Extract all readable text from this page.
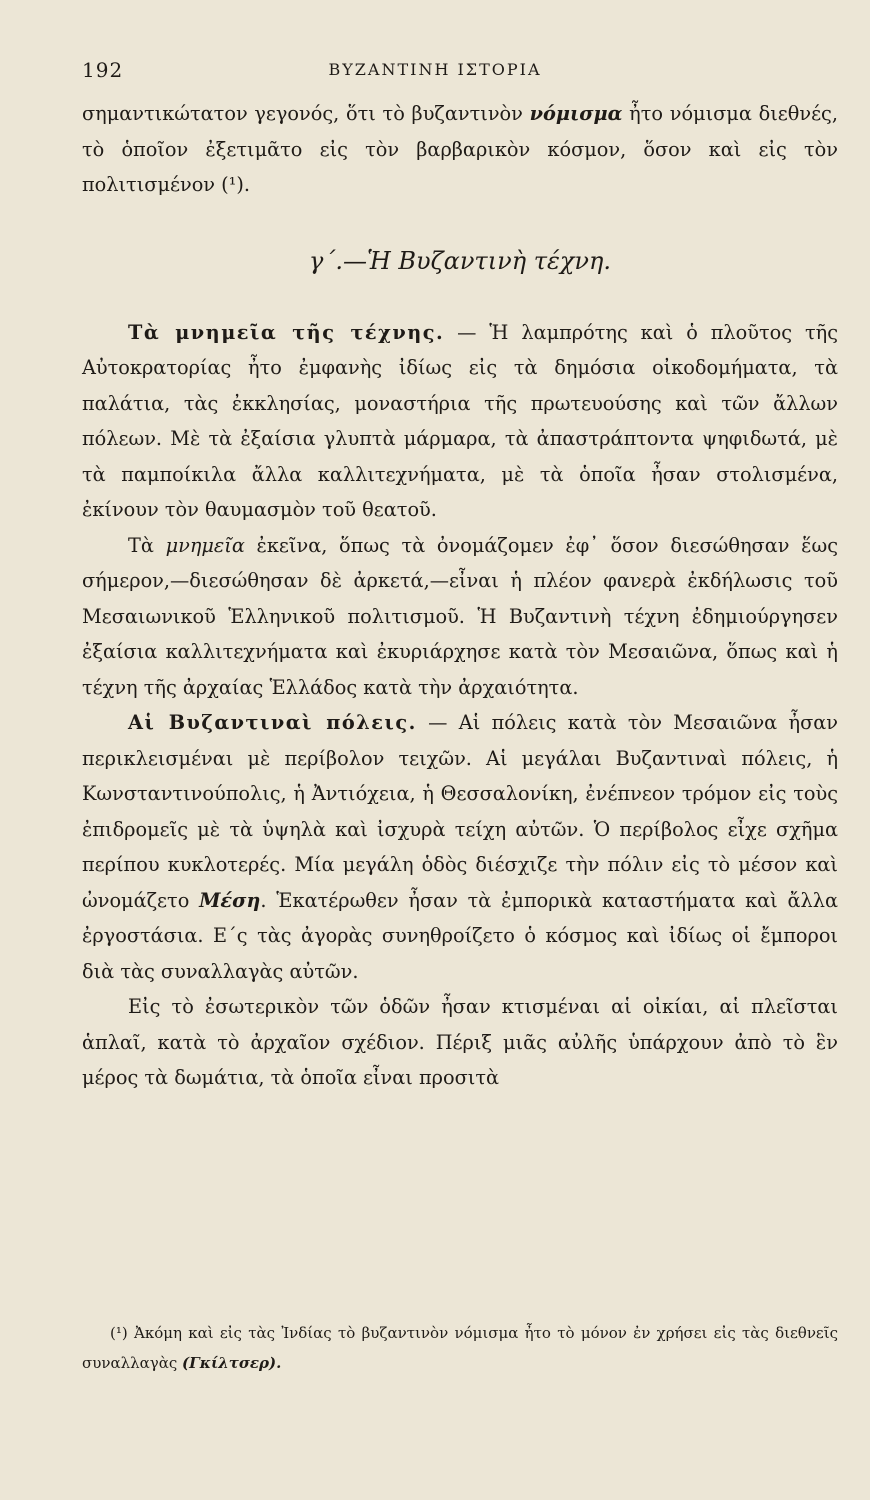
192	ΒΥΖΑΝΤΙΝΗ ΙΣΤΟΡΙΑ

σημαντικώτατον γεγονός, ὅτι τὸ βυζαντινὸν νόμισμα ἦτο νόμισμα διεθνές, τὸ ὁποῖον ἐξετιμᾶτο εἰς τὸν βαρβαρικὸν κόσμον, ὅσον καὶ εἰς τὸν πολιτισμένον (¹).

γ΄.—Ἡ Βυζαντινὴ τέχνη.

Τὰ μνημεῖα τῆς τέχνης. — Ἡ λαμπρότης καὶ ὁ πλοῦτος τῆς Αὐτοκρατορίας ἦτο ἐμφανὴς ἰδίως εἰς τὰ δημόσια οἰκοδομήματα, τὰ παλάτια, τὰς ἐκκλησίας, μοναστήρια τῆς πρωτευούσης καὶ τῶν ἄλλων πόλεων. Μὲ τὰ ἐξαίσια γλυπτὰ μάρμαρα, τὰ ἀπαστράπτοντα ψηφιδωτά, μὲ τὰ παμποίκιλα ἄλλα καλλιτεχνήματα, μὲ τὰ ὁποῖα ἦσαν στολισμένα, ἐκίνουν τὸν θαυμασμὸν τοῦ θεατοῦ.

Τὰ μνημεῖα ἐκεῖνα, ὅπως τὰ ὀνομάζομεν ἐφ᾿ ὅσον διεσώθησαν ἕως σήμερον,—διεσώθησαν δὲ ἀρκετά,—εἶναι ἡ πλέον φανερὰ ἐκδήλωσις τοῦ Μεσαιωνικοῦ Ἑλληνικοῦ πολιτισμοῦ. Ἡ Βυζαντινὴ τέχνη ἐδημιούργησεν ἐξαίσια καλλιτεχνήματα καὶ ἐκυριάρχησε κατὰ τὸν Μεσαιῶνα, ὅπως καὶ ἡ τέχνη τῆς ἀρχαίας Ἑλλάδος κατὰ τὴν ἀρχαιότητα.

Αἱ Βυζαντιναὶ πόλεις. — Αἱ πόλεις κατὰ τὸν Μεσαιῶνα ἦσαν περικλεισμέναι μὲ περίβολον τειχῶν. Αἱ μεγάλαι Βυζαντιναὶ πόλεις, ἡ Κωνσταντινούπολις, ἡ Ἀντιόχεια, ἡ Θεσσαλονίκη, ἐνέπνεον τρόμον εἰς τοὺς ἐπιδρομεῖς μὲ τὰ ὑψηλὰ καὶ ἰσχυρὰ τείχη αὐτῶν. Ὁ περίβολος εἶχε σχῆμα περίπου κυκλοτερές. Μία μεγάλη ὁδὸς διέσχιζε τὴν πόλιν εἰς τὸ μέσον καὶ ὠνομάζετο Μέση. Ἑκατέρωθεν ἦσαν τὰ ἐμπορικὰ καταστήματα καὶ ἄλλα ἐργοστάσια. Ε΄ς τὰς ἀγορὰς συνηθροίζετο ὁ κόσμος καὶ ἰδίως οἱ ἔμποροι διὰ τὰς συναλλαγὰς αὐτῶν.

Εἰς τὸ ἐσωτερικὸν τῶν ὁδῶν ἦσαν κτισμέναι αἱ οἰκίαι, αἱ πλεῖσται ἁπλαῖ, κατὰ τὸ ἀρχαῖον σχέδιον. Πέριξ μιᾶς αὐλῆς ὑπάρχουν ἀπὸ τὸ ἓν μέρος τὰ δωμάτια, τὰ ὁποῖα εἶναι προσιτὰ

(¹) Ἀκόμη καὶ εἰς τὰς Ἰνδίας τὸ βυζαντινὸν νόμισμα ἦτο τὸ μόνον ἐν χρήσει εἰς τὰς διεθνεῖς συναλλαγὰς (Γκίλτσερ).
